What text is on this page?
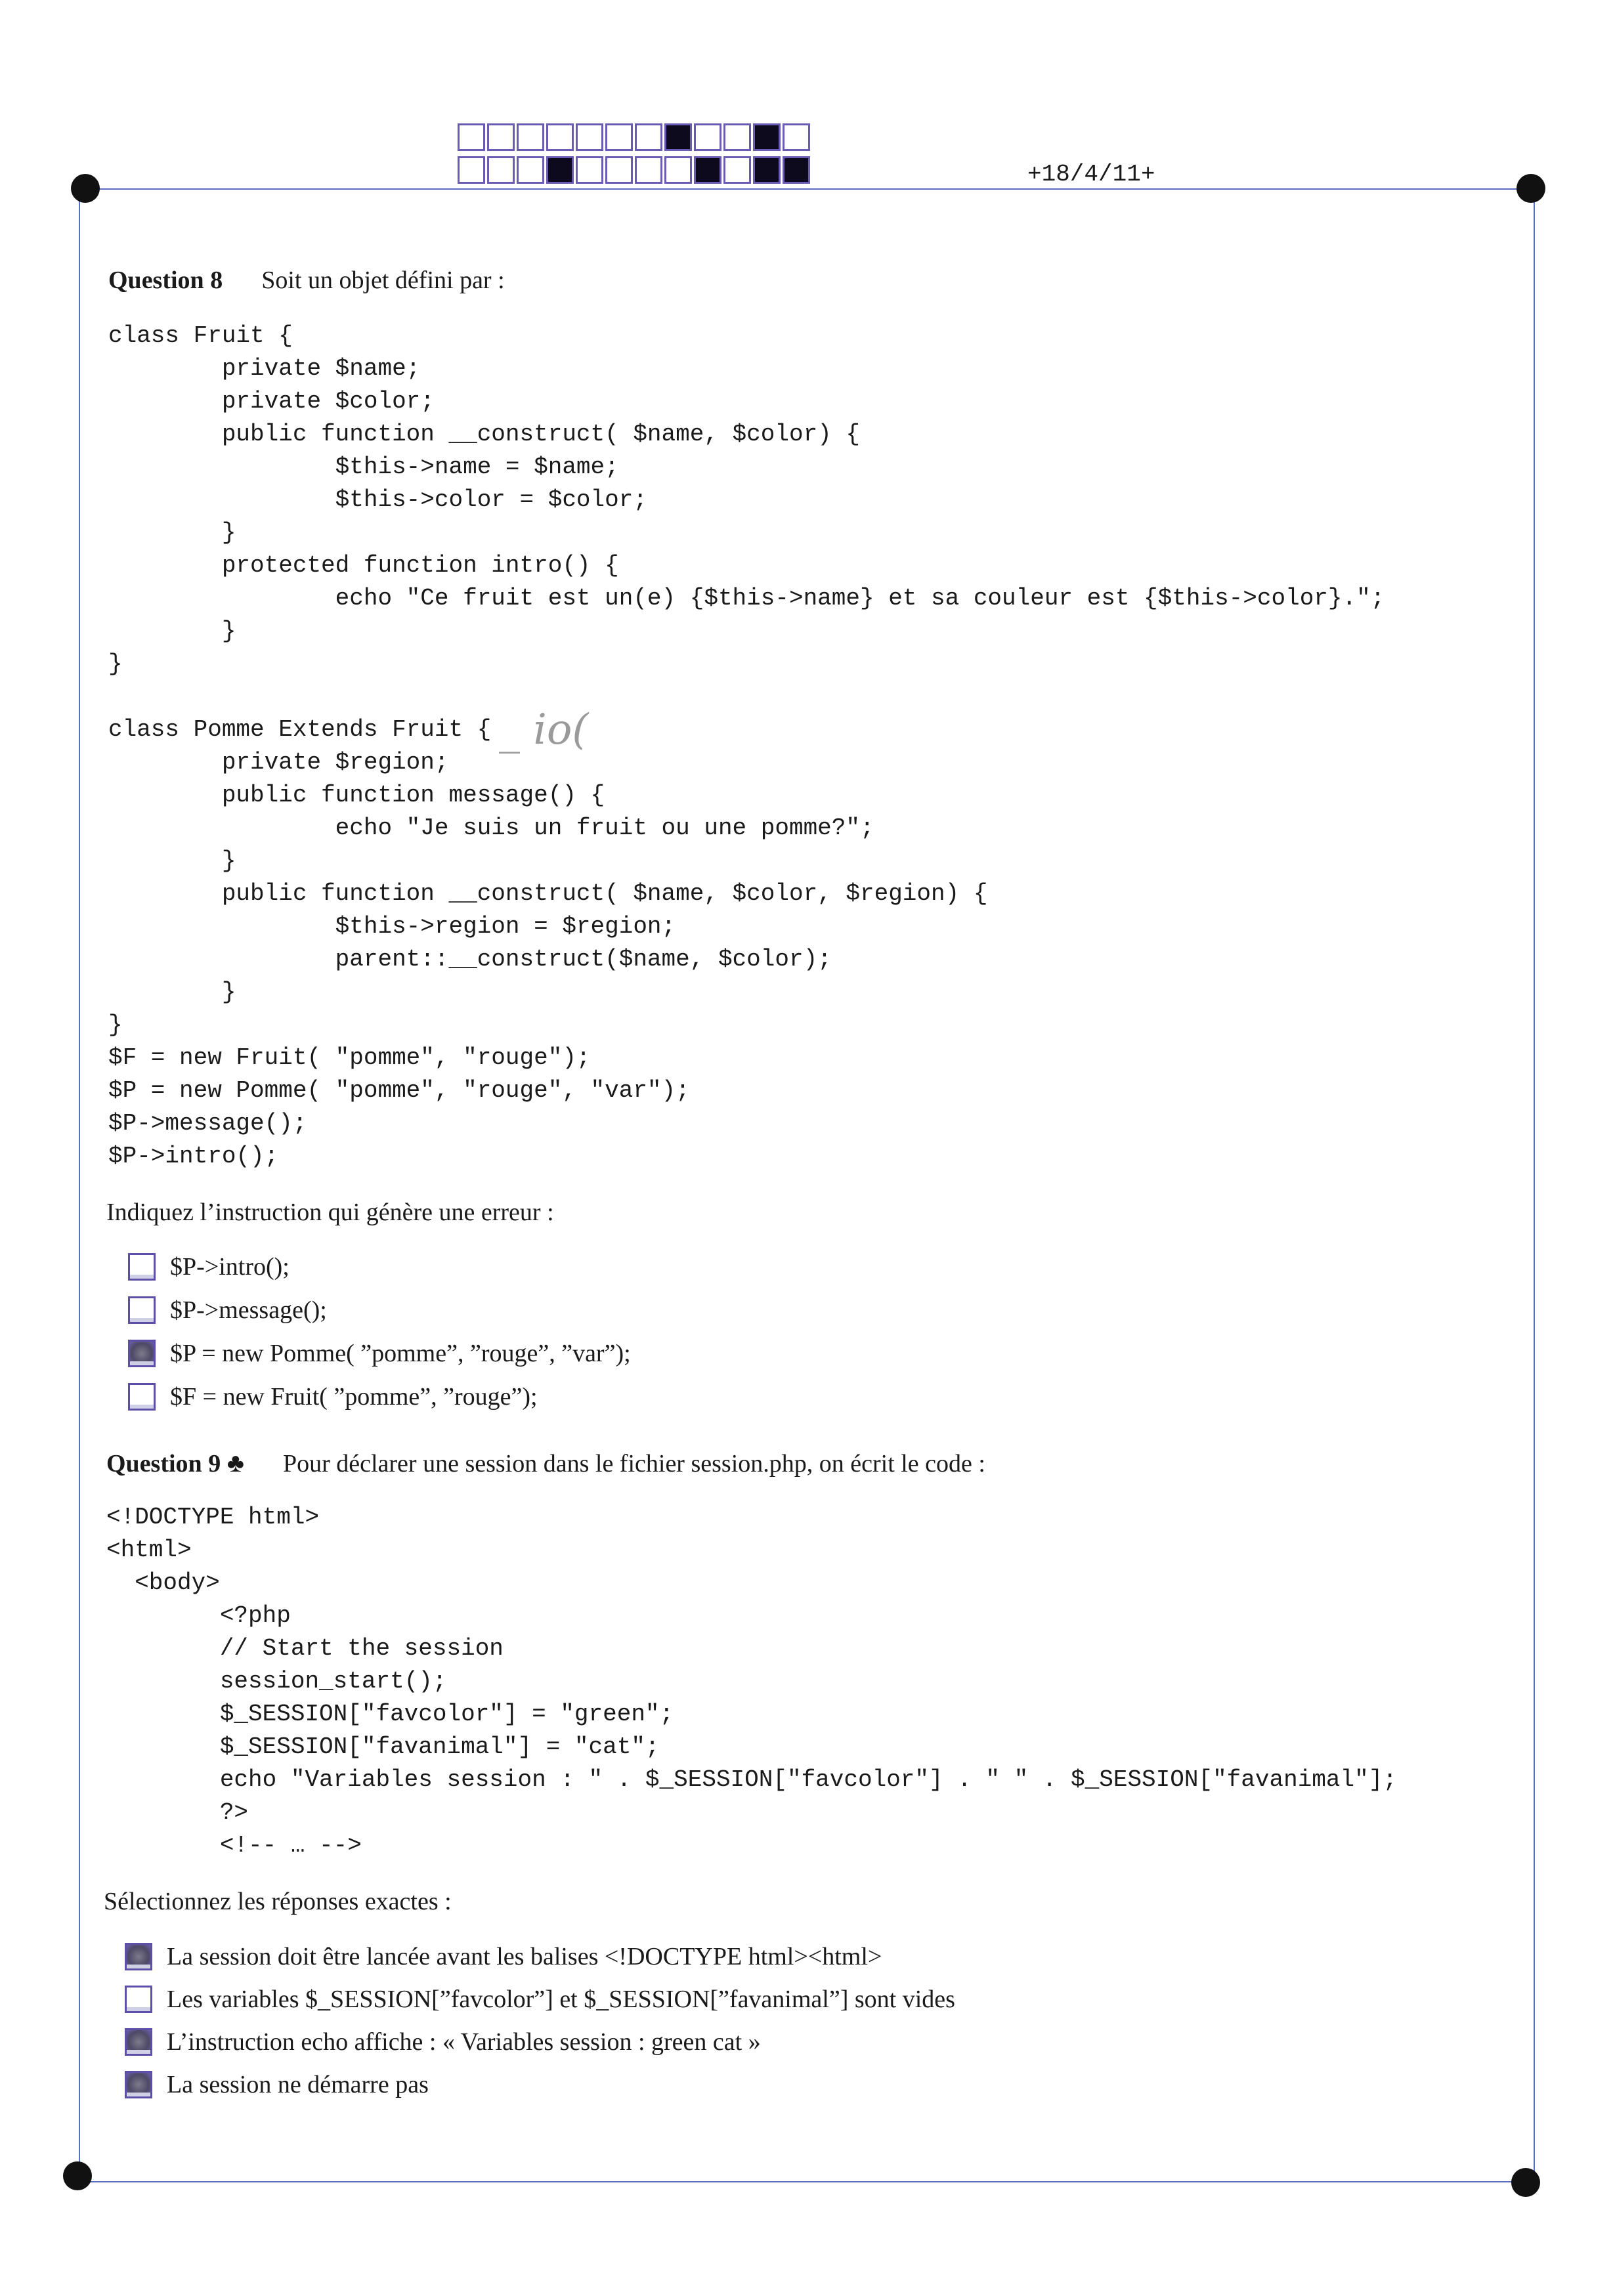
+18/4/11+
Question 8 Soit un objet défini par :
class Fruit {
private $name;
private $color;
public function __construct( $name, $color) {
$this->name = $name;
$this->color = $color;
}
protected function intro() {
echo "Ce fruit est un(e) {$this->name} et sa couleur est {$this->color}.";
}
}

class Pomme Extends Fruit {
private $region;
public function message() {
echo "Je suis un fruit ou une pomme?";
}
public function __construct( $name, $color, $region) {
$this->region = $region;
parent::__construct($name, $color);
}
}
$F = new Fruit( "pomme", "rouge");
$P = new Pomme( "pomme", "rouge", "var");
$P->message();
$P->intro();
_ io(
Indiquez l’instruction qui génère une erreur :
$P->intro();
$P->message();
$P = new Pomme( ”pomme”, ”rouge”, ”var”);
$F = new Fruit( ”pomme”, ”rouge”);
Question 9 ♣ Pour déclarer une session dans le fichier session.php, on écrit le code :
<!DOCTYPE html>
<html>
<body>
<?php
// Start the session
session_start();
$_SESSION["favcolor"] = "green";
$_SESSION["favanimal"] = "cat";
echo "Variables session : " . $_SESSION["favcolor"] . " " . $_SESSION["favanimal"];
?>
<!-- … -->
Sélectionnez les réponses exactes :
La session doit être lancée avant les balises <!DOCTYPE html><html>
Les variables $_SESSION[”favcolor”] et $_SESSION[”favanimal”] sont vides
L’instruction echo affiche : « Variables session : green cat »
La session ne démarre pas
